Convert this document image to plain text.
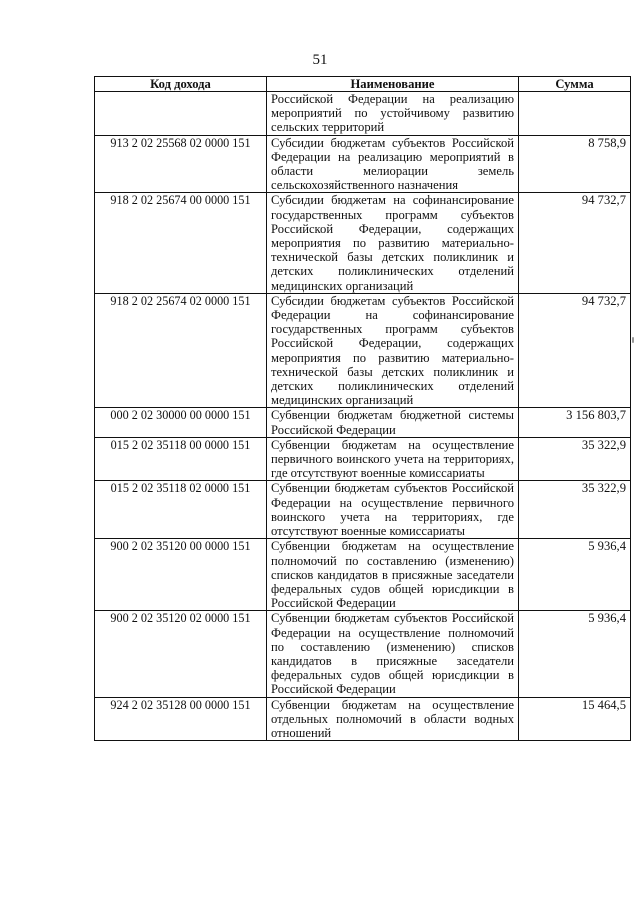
51
Код дохода	Наименование	Сумма
	Российской Федерации на реализацию мероприятий по устойчивому развитию сельских территорий	
913 2 02 25568 02 0000 151	Субсидии бюджетам субъектов Российской Федерации на реализацию мероприятий в области мелиорации земель сельскохозяйственного назначения	8 758,9
918 2 02 25674 00 0000 151	Субсидии бюджетам на софинансирование государственных программ субъектов Российской Федерации, содержащих мероприятия по развитию материально-технической базы детских поликлиник и детских поликлинических отделений медицинских организаций	94 732,7
918 2 02 25674 02 0000 151	Субсидии бюджетам субъектов Российской Федерации на софинансирование государственных программ субъектов Российской Федерации, содержащих мероприятия по развитию материально-технической базы детских поликлиник и детских поликлинических отделений медицинских организаций	94 732,7
000 2 02 30000 00 0000 151	Субвенции бюджетам бюджетной системы Российской Федерации	3 156 803,7
015 2 02 35118 00 0000 151	Субвенции бюджетам на осуществление первичного воинского учета на территориях, где отсутствуют военные комиссариаты	35 322,9
015 2 02 35118 02 0000 151	Субвенции бюджетам субъектов Российской Федерации на осуществление первичного воинского учета на территориях, где отсутствуют военные комиссариаты	35 322,9
900 2 02 35120 00 0000 151	Субвенции бюджетам на осуществление полномочий по составлению (изменению) списков кандидатов в присяжные заседатели федеральных судов общей юрисдикции в Российской Федерации	5 936,4
900 2 02 35120 02 0000 151	Субвенции бюджетам субъектов Российской Федерации на осуществление полномочий по составлению (изменению) списков кандидатов в присяжные заседатели федеральных судов общей юрисдикции в Российской Федерации	5 936,4
924 2 02 35128 00 0000 151	Субвенции бюджетам на осуществление отдельных полномочий в области водных отношений	15 464,5
